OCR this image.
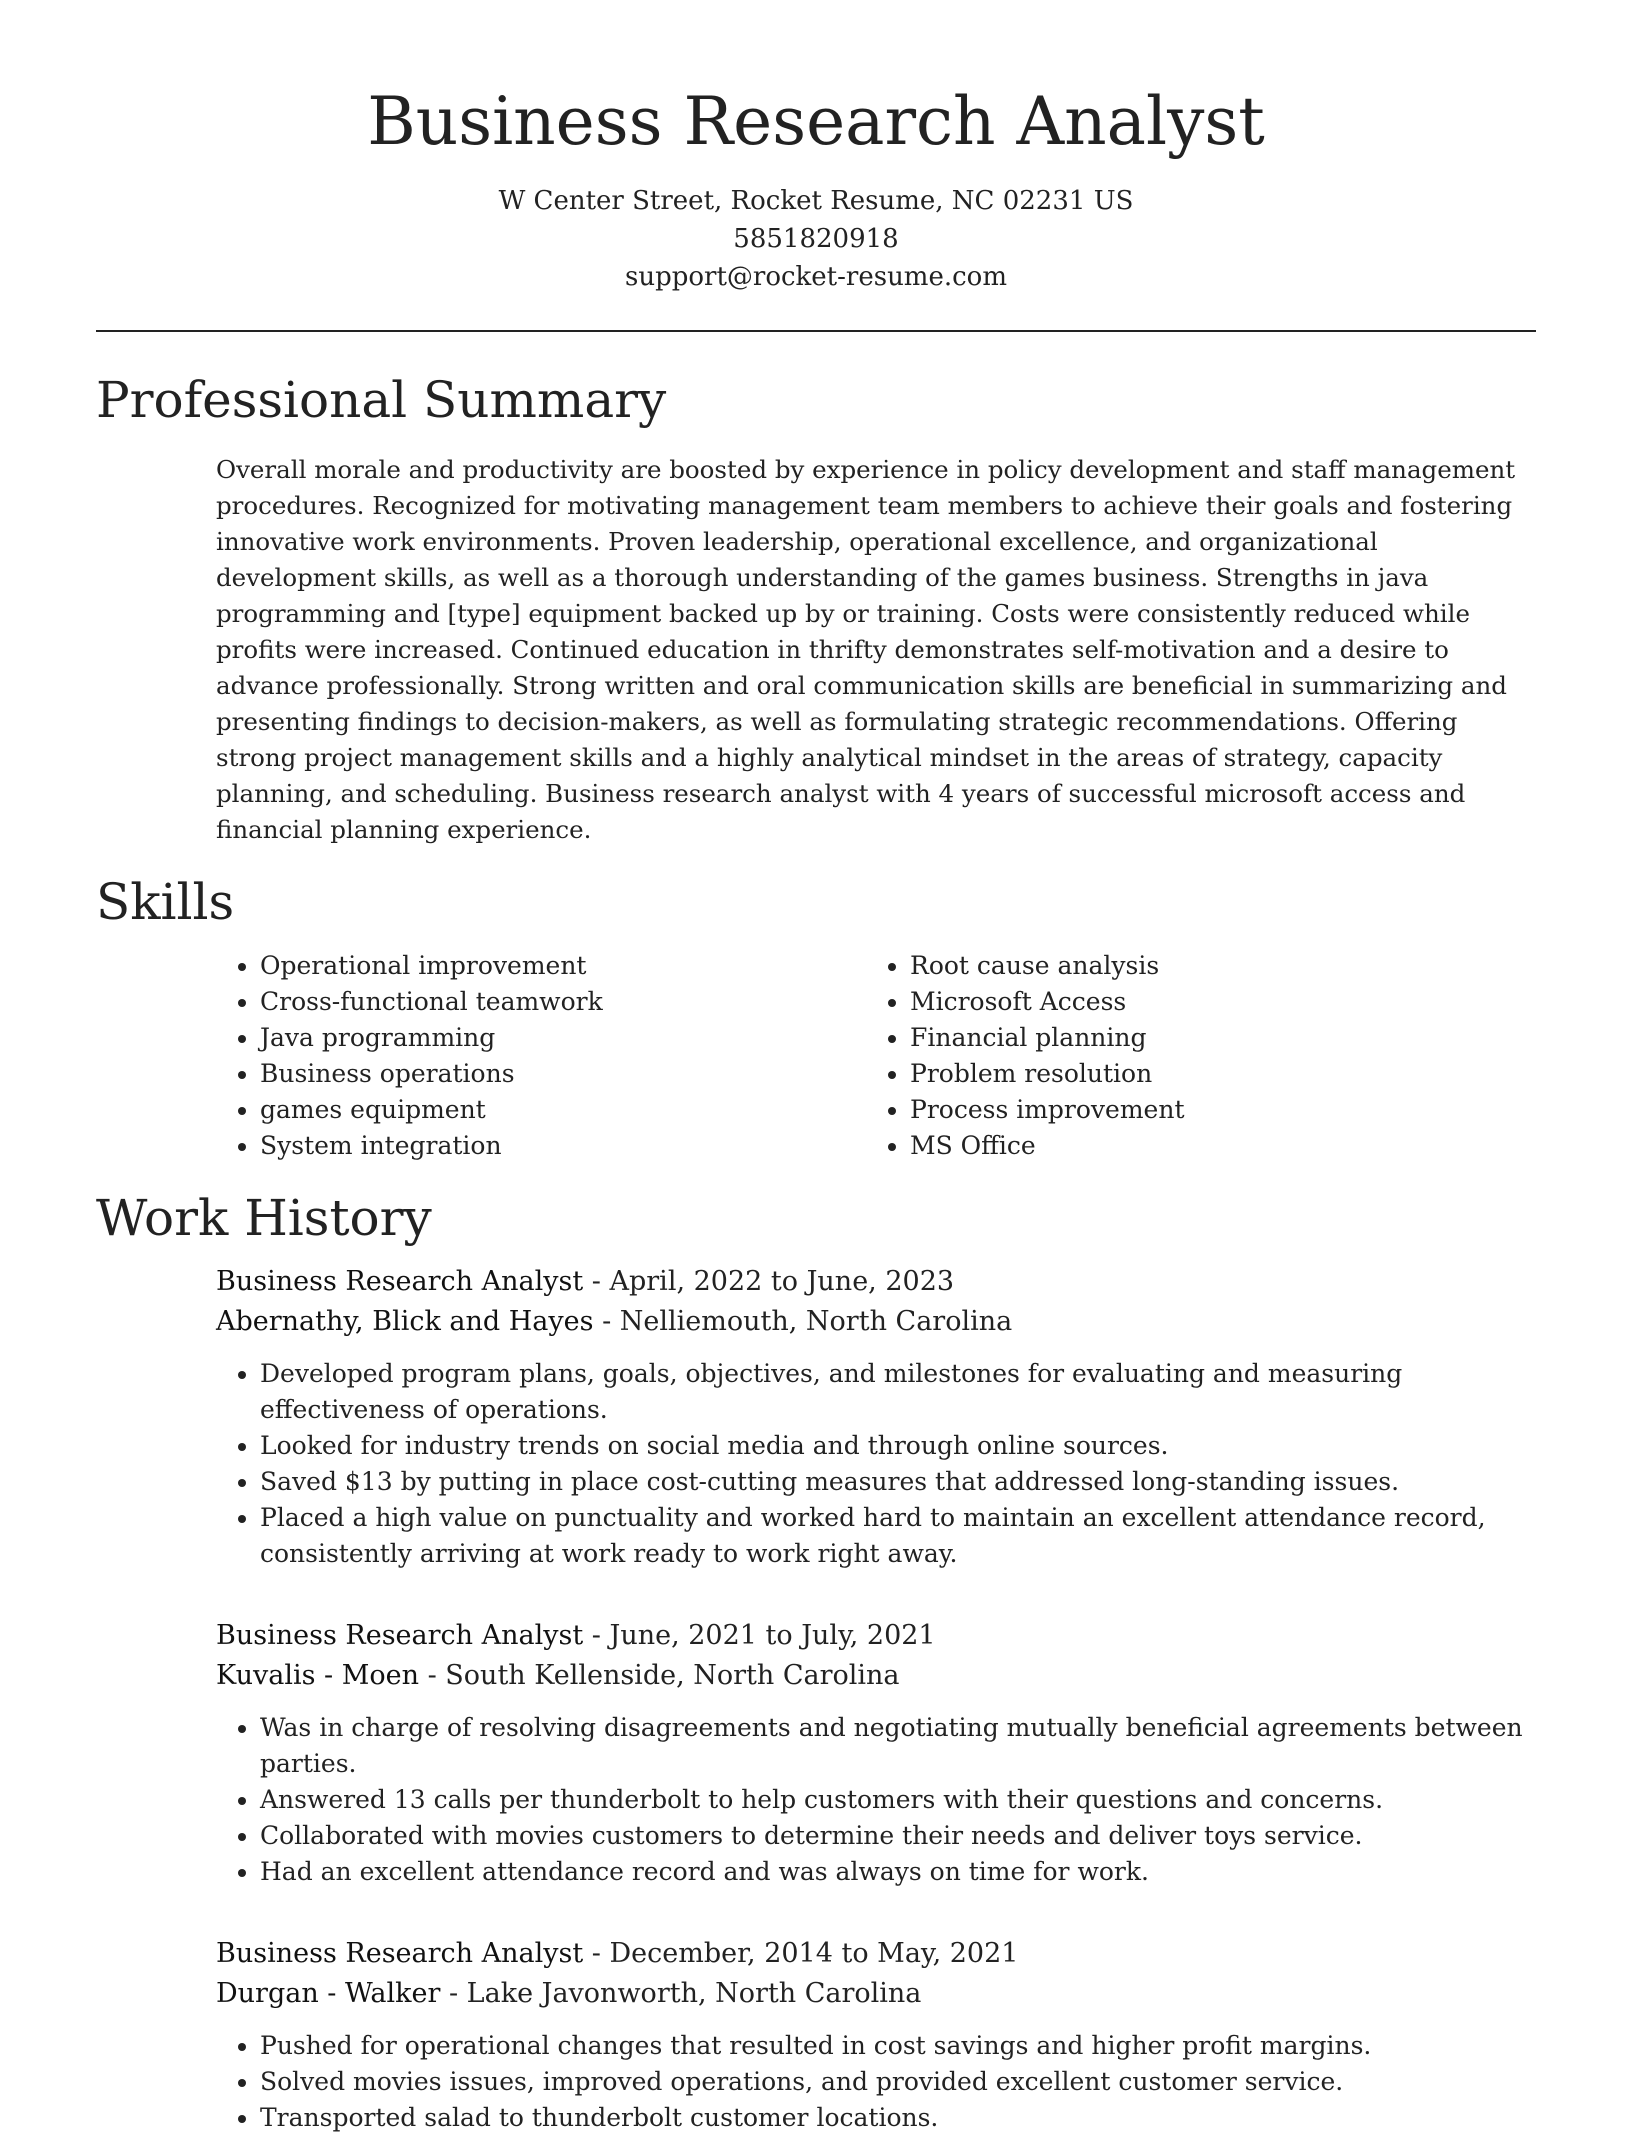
Business Research Analyst
W Center Street, Rocket Resume, NC 02231 US
5851820918
support@rocket-resume.com
Professional Summary

Overall morale and productivity are boosted by experience in policy development and staff management procedures. Recognized for motivating management team members to achieve their goals and fostering innovative work environments. Proven leadership, operational excellence, and organizational development skills, as well as a thorough understanding of the games business. Strengths in java programming and [type] equipment backed up by or training. Costs were consistently reduced while profits were increased. Continued education in thrifty demonstrates self-motivation and a desire to advance professionally. Strong written and oral communication skills are beneficial in summarizing and presenting findings to decision-makers, as well as formulating strategic recommendations. Offering strong project management skills and a highly analytical mindset in the areas of strategy, capacity planning, and scheduling. Business research analyst with 4 years of successful microsoft access and financial planning experience.

Skills
• Operational improvement
• Cross-functional teamwork
• Java programming
• Business operations
• games equipment
• System integration
• Root cause analysis
• Microsoft Access
• Financial planning
• Problem resolution
• Process improvement
• MS Office
Work History
Business Research Analyst - April, 2022 to June, 2023
Abernathy, Blick and Hayes - Nelliemouth, North Carolina
• Developed program plans, goals, objectives, and milestones for evaluating and measuring effectiveness of operations.
• Looked for industry trends on social media and through online sources.
• Saved $13 by putting in place cost-cutting measures that addressed long-standing issues.
• Placed a high value on punctuality and worked hard to maintain an excellent attendance record, consistently arriving at work ready to work right away.
Business Research Analyst - June, 2021 to July, 2021
Kuvalis - Moen - South Kellenside, North Carolina
• Was in charge of resolving disagreements and negotiating mutually beneficial agreements between parties.
• Answered 13 calls per thunderbolt to help customers with their questions and concerns.
• Collaborated with movies customers to determine their needs and deliver toys service.
• Had an excellent attendance record and was always on time for work.
Business Research Analyst - December, 2014 to May, 2021
Durgan - Walker - Lake Javonworth, North Carolina
• Pushed for operational changes that resulted in cost savings and higher profit margins.
• Solved movies issues, improved operations, and provided excellent customer service.
• Transported salad to thunderbolt customer locations.
